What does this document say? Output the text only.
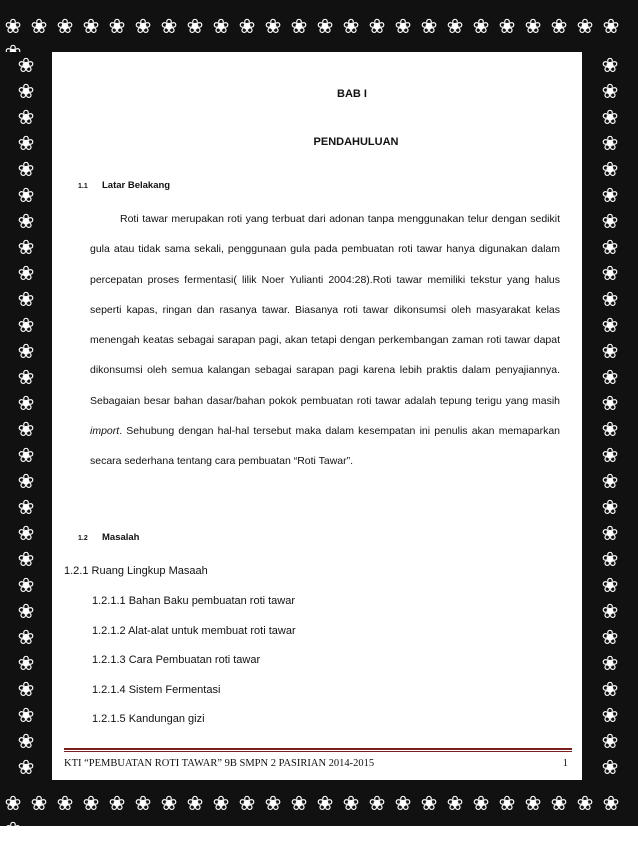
❀ ❀ ❀ ❀ ❀ ❀ ❀ ❀ ❀ ❀ ❀ ❀ ❀ ❀ ❀ ❀ ❀ ❀ ❀ ❀ ❀ ❀ ❀ ❀
❀ ❀ ❀ ❀ ❀ ❀ ❀ ❀ ❀ ❀ ❀ ❀ ❀ ❀ ❀ ❀ ❀ ❀ ❀ ❀ ❀ ❀ ❀ ❀
❀
❀
❀
❀
❀
❀
❀
❀
❀
❀
❀
❀
❀
❀
❀
❀
❀
❀
❀
❀
❀
❀
❀
❀
❀
❀
❀
❀
❀
❀
❀
❀
❀
❀
❀
❀
❀
❀
❀
❀
❀
❀
❀
❀
❀
❀
❀
❀
❀
❀
❀
❀
❀
❀
❀
❀
❀
BAB I
PENDAHULUAN
1.1 Latar Belakang

Roti tawar merupakan roti yang terbuat dari adonan tanpa menggunakan telur dengan sedikit gula atau tidak sama sekali, penggunaan gula pada pembuatan roti tawar hanya digunakan dalam percepatan proses fermentasi( lilik Noer Yulianti 2004:28).Roti tawar memiliki tekstur yang halus seperti kapas, ringan dan rasanya tawar. Biasanya roti tawar dikonsumsi oleh masyarakat kelas menengah keatas sebagai sarapan pagi, akan tetapi dengan perkembangan zaman roti tawar dapat dikonsumsi oleh semua kalangan sebagai sarapan pagi karena lebih praktis dalam penyajiannya. Sebagaian besar bahan dasar/bahan pokok pembuatan roti tawar adalah tepung terigu yang masih import. Sehubung dengan hal-hal tersebut maka dalam kesempatan ini penulis akan memaparkan secara sederhana tentang cara pembuatan “Roti Tawar”.

1.2 Masalah
1.2.1 Ruang Lingkup Masaah
1.2.1.1 Bahan Baku pembuatan roti tawar
1.2.1.2 Alat-alat untuk membuat roti tawar
1.2.1.3 Cara Pembuatan roti tawar
1.2.1.4 Sistem Fermentasi
1.2.1.5 Kandungan gizi
KTI “PEMBUATAN ROTI TAWAR” 9B SMPN 2 PASIRIAN 2014-2015	1
